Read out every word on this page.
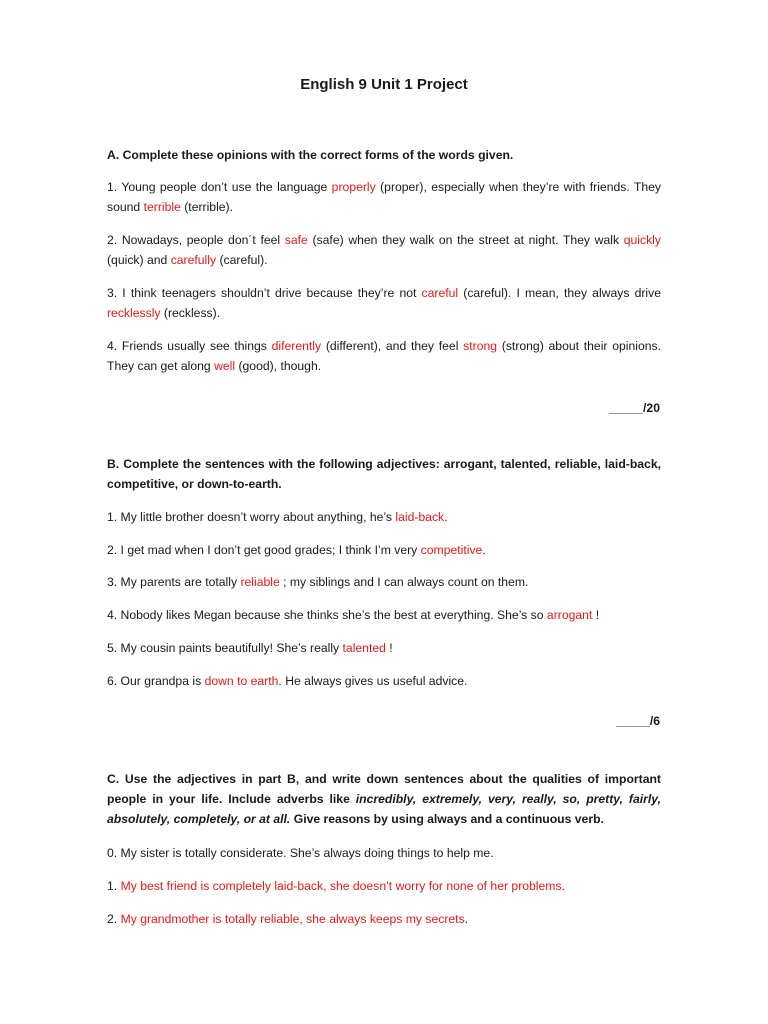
English 9 Unit 1 Project

A. Complete these opinions with the correct forms of the words given.

1. Young people don’t use the language properly (proper), especially when they’re with friends. They sound terrible (terrible).

2. Nowadays, people don´t feel safe (safe) when they walk on the street at night. They walk quickly (quick) and carefully (careful).

3. I think teenagers shouldn’t drive because they’re not careful (careful). I mean, they always drive recklessly (reckless).

4. Friends usually see things diferently (different), and they feel strong (strong) about their opinions. They can get along well (good), though.

_____/20

B. Complete the sentences with the following adjectives: arrogant, talented, reliable, laid-back, competitive, or down-to-earth.

1. My little brother doesn’t worry about anything, he’s laid-back.

2. I get mad when I don’t get good grades; I think I’m very competitive.

3. My parents are totally reliable ; my siblings and I can always count on them.

4. Nobody likes Megan because she thinks she’s the best at everything. She’s so arrogant !

5. My cousin paints beautifully! She’s really talented !

6. Our grandpa is down to earth. He always gives us useful advice.

_____/6

C. Use the adjectives in part B, and write down sentences about the qualities of important people in your life. Include adverbs like incredibly, extremely, very, really, so, pretty, fairly, absolutely, completely, or at all. Give reasons by using always and a continuous verb.

0. My sister is totally considerate. She’s always doing things to help me.

1. My best friend is completely laid-back, she doesn’t worry for none of her problems.

2. My grandmother is totally reliable, she always keeps my secrets.
